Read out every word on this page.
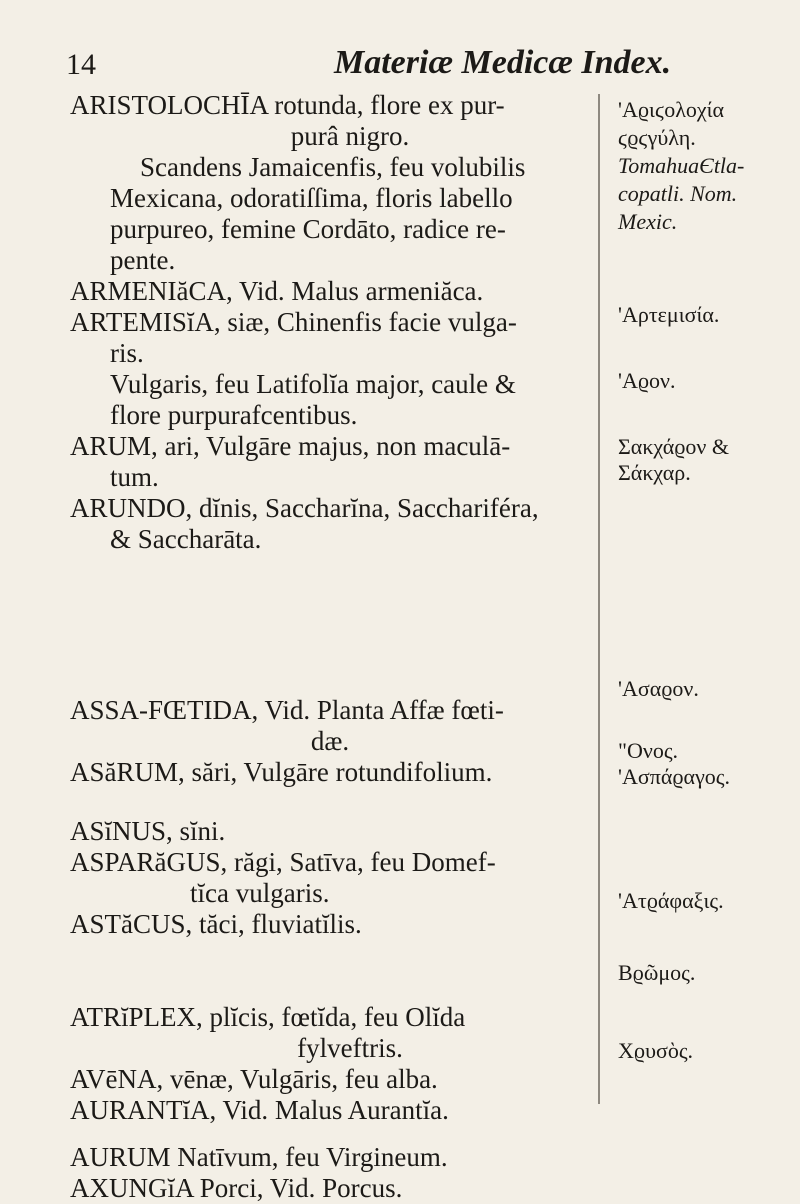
14	Materiæ Medicæ Index.
ARISTOLOCHĪA rotunda, flore ex pur-
purâ nigro.
Scandens Jamaicenfis, feu volubilis
Mexicana, odoratiſſima, floris labello
purpureo, femine Cordāto, radice re-
pente.
ARMENIăCA, Vid. Malus armeniăca.
ARTEMISĭA, siæ, Chinenfis facie vulga-
ris.
Vulgaris, feu Latifolĭa major, caule &
flore purpurafcentibus.
ARUM, ari, Vulgāre majus, non maculā-
tum.
ARUNDO, dĭnis, Saccharĭna, Sacchariféra,
& Saccharāta.
ASSA-FŒTIDA, Vid. Planta Affæ fœti-
dæ.
ASăRUM, sări, Vulgāre rotundifolium.
ASĭNUS, sĭni.
ASPARăGUS, răgi, Satīva, feu Domef-
tĭca vulgaris.
ASTăCUS, tăci, fluviatĭlis.
ATRĭPLEX, plĭcis, fœtĭda, feu Olĭda
fylveftris.
AVēNA, vēnæ, Vulgāris, feu alba.
AURANTĭA, Vid. Malus Aurantĭa.
AURUM Natīvum, feu Virgineum.
AXUNGĭA Porci, Vid. Porcus.
'Αϱιϛολοχία
ϛϱϛγύλη.
TomahuaЄtla-
copatli. Nom.
Mexic.
'Αρτεμισία.
'Αϱον.
Σακχάϱον &
Σάκχαρ.
'Ασαϱον.
"Ονος.
'Ασπάϱαγος.
'Ατϱάφαξις.
Βϱῶμος.
Χϱυσὸς.
